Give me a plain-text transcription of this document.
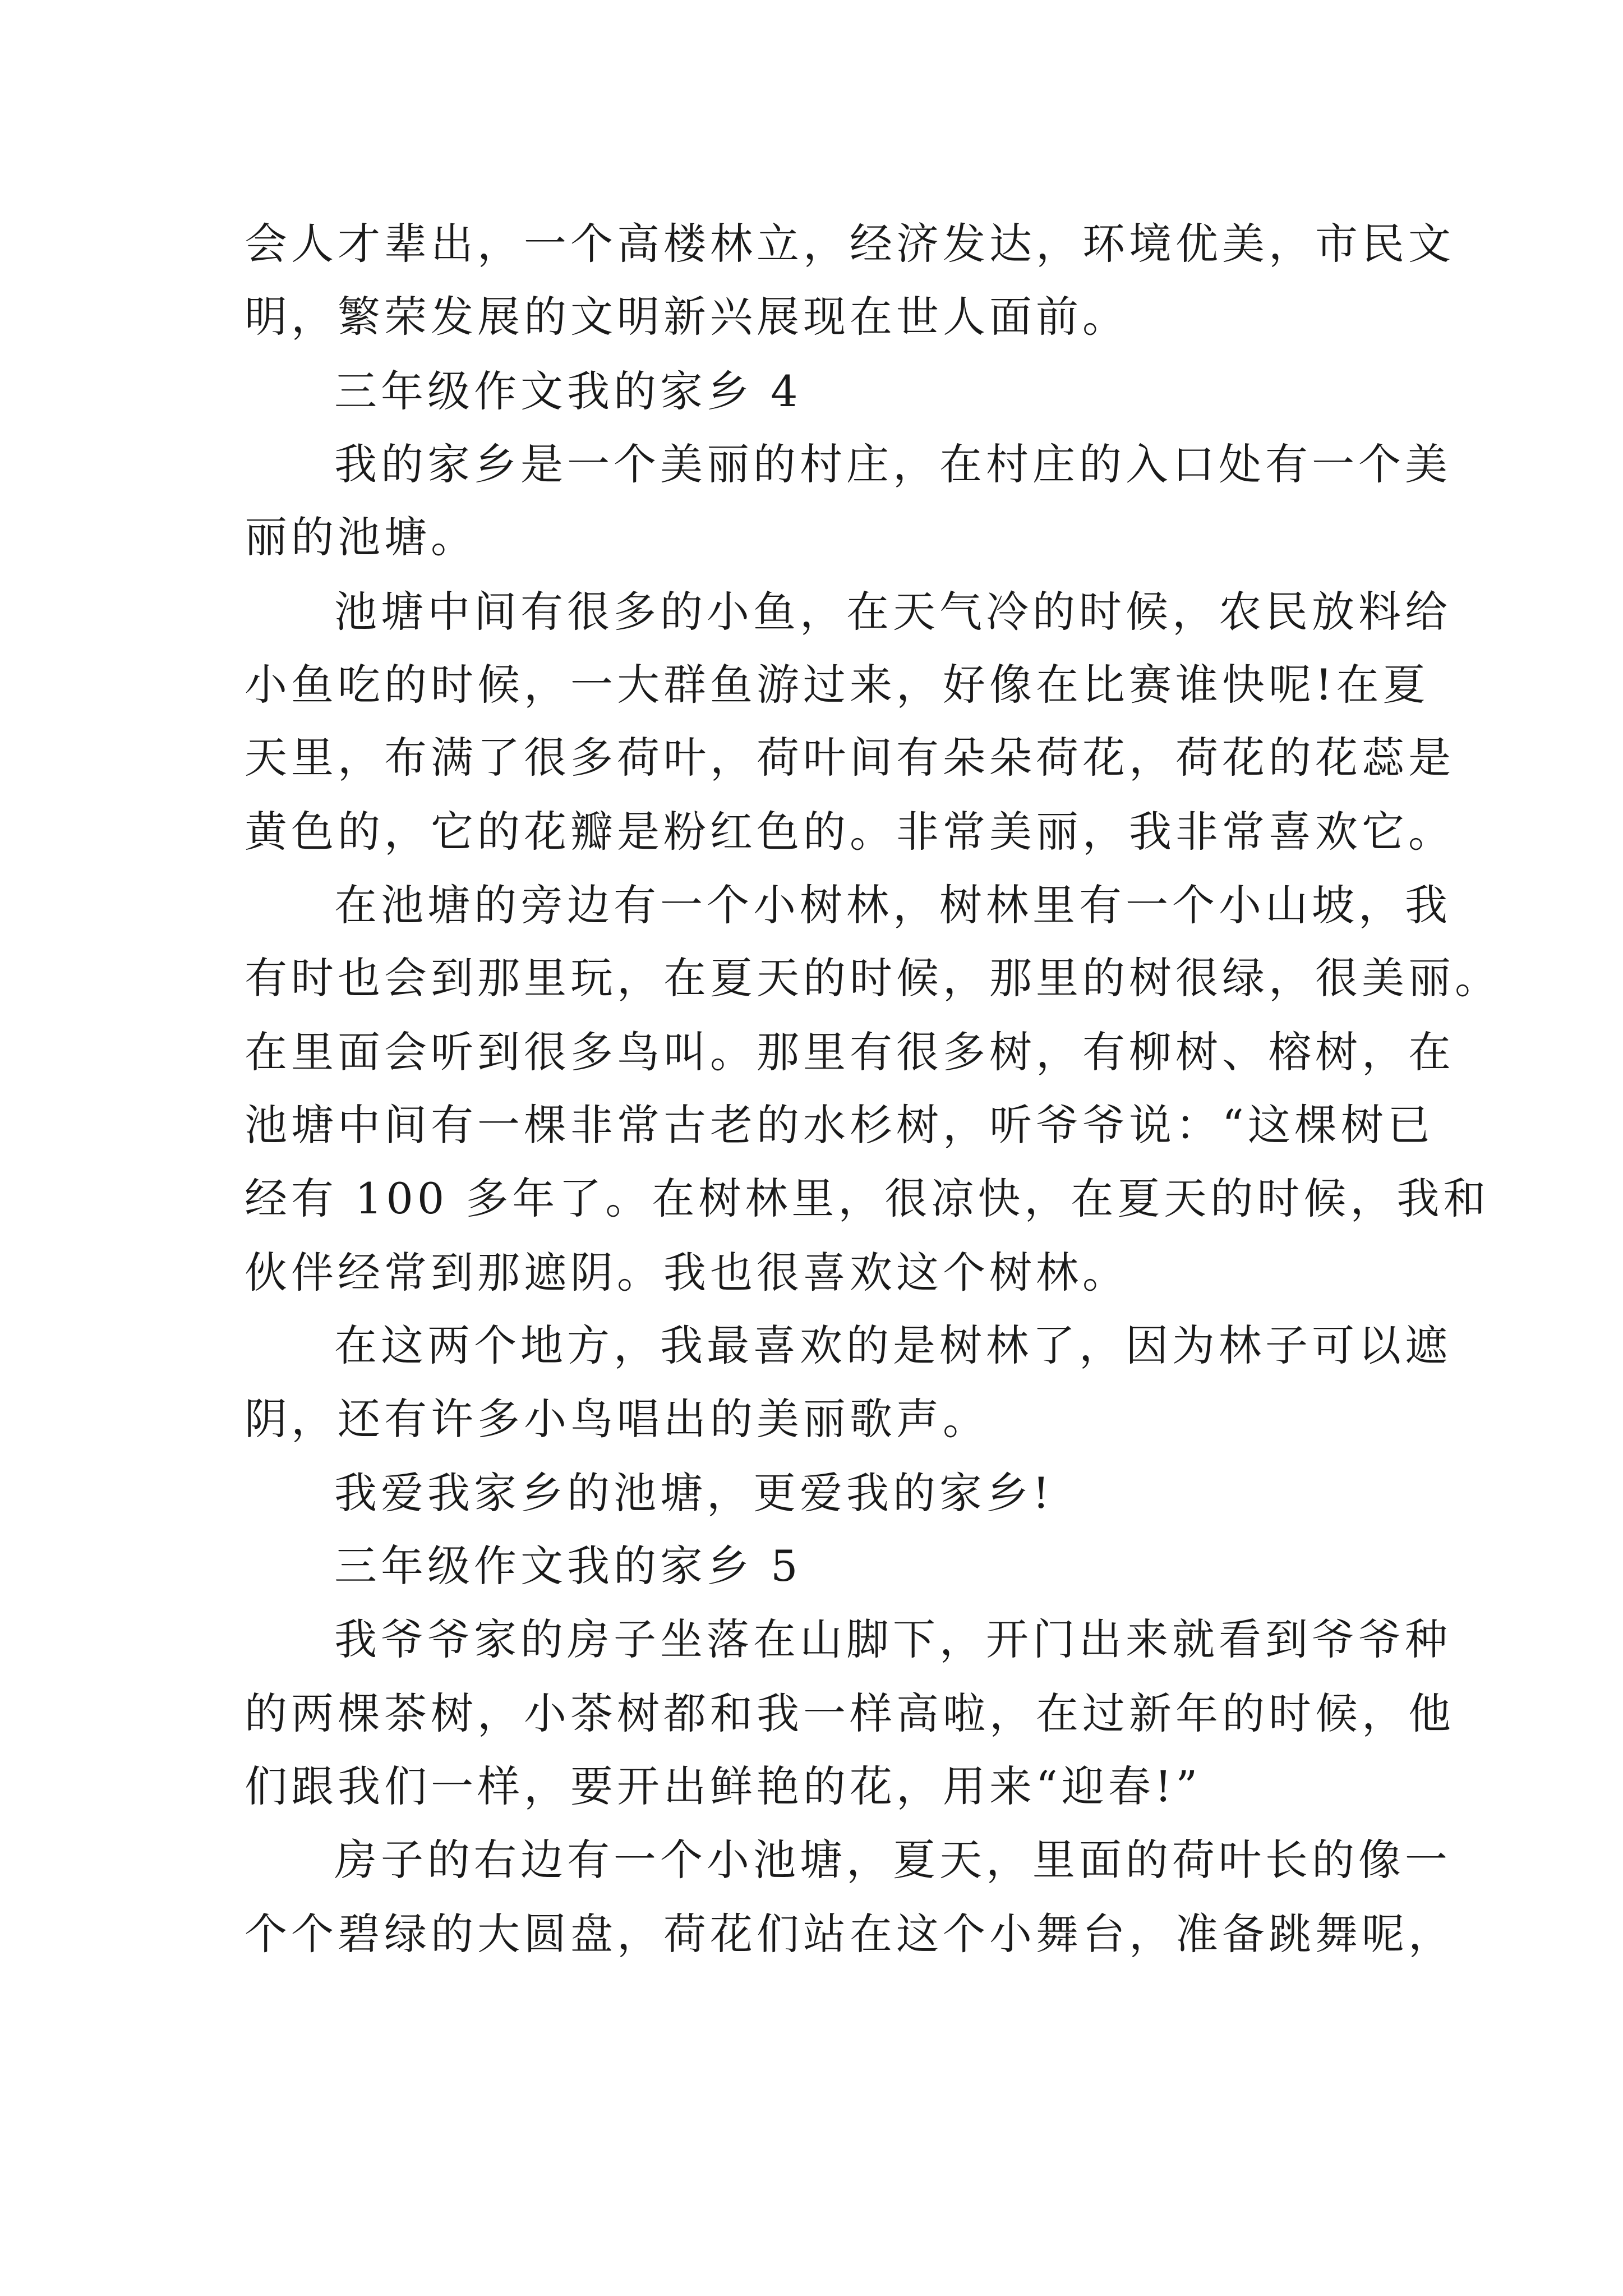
会人才辈出，一个高楼林立，经济发达，环境优美，市民文
明，繁荣发展的文明新兴展现在世人面前。
三年级作文我的家乡 4
我的家乡是一个美丽的村庄，在村庄的入口处有一个美
丽的池塘。
池塘中间有很多的小鱼，在天气冷的时候，农民放料给
小鱼吃的时候，一大群鱼游过来，好像在比赛谁快呢!在夏
天里，布满了很多荷叶，荷叶间有朵朵荷花，荷花的花蕊是
黄色的，它的花瓣是粉红色的。非常美丽，我非常喜欢它。
在池塘的旁边有一个小树林，树林里有一个小山坡，我
有时也会到那里玩，在夏天的时候，那里的树很绿，很美丽。
在里面会听到很多鸟叫。那里有很多树，有柳树、榕树，在
池塘中间有一棵非常古老的水杉树，听爷爷说：“这棵树已
经有 100 多年了。在树林里，很凉快，在夏天的时候，我和
伙伴经常到那遮阴。我也很喜欢这个树林。
在这两个地方，我最喜欢的是树林了，因为林子可以遮
阴，还有许多小鸟唱出的美丽歌声。
我爱我家乡的池塘，更爱我的家乡!
三年级作文我的家乡 5
我爷爷家的房子坐落在山脚下，开门出来就看到爷爷种
的两棵茶树，小茶树都和我一样高啦，在过新年的时候，他
们跟我们一样，要开出鲜艳的花，用来“迎春!”
房子的右边有一个小池塘，夏天，里面的荷叶长的像一
个个碧绿的大圆盘，荷花们站在这个小舞台，准备跳舞呢，
